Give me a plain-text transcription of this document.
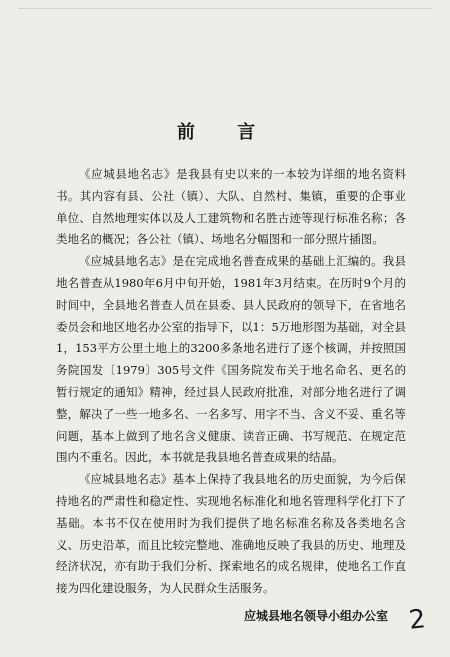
前 言

《应城县地名志》是我县有史以来的一本较为详细的地名资料书。其内容有县、公社（镇）、大队、自然村、集镇，重要的企事业单位、自然地理实体以及人工建筑物和名胜古迹等现行标准名称；各类地名的概况；各公社（镇）、场地名分幅图和一部分照片插图。

《应城县地名志》是在完成地名普查成果的基础上汇编的。我县地名普查从1980年6月中旬开始，1981年3月结束。在历时9个月的时间中，全县地名普查人员在县委、县人民政府的领导下，在省地名委员会和地区地名办公室的指导下，以1：5万地形图为基础，对全县1，153平方公里土地上的3200多条地名进行了逐个核调，并按照国务院国发〔1979〕305号文件《国务院发布关于地名命名、更名的暂行规定的通知》精神，经过县人民政府批准，对部分地名进行了调整，解决了一些一地多名、一名多写、用字不当、含义不妥、重名等问题，基本上做到了地名含义健康、读音正确、书写规范、在规定范围内不重名。因此，本书就是我县地名普查成果的结晶。

《应城县地名志》基本上保持了我县地名的历史面貌，为今后保持地名的严肃性和稳定性、实现地名标准化和地名管理科学化打下了基础。本书不仅在使用时为我们提供了地名标准名称及各类地名含义、历史沿革，而且比较完整地、准确地反映了我县的历史、地理及经济状况，亦有助于我们分析、探索地名的成名规律，使地名工作直接为四化建设服务，为人民群众生活服务。

应城县地名领导小组办公室 2
